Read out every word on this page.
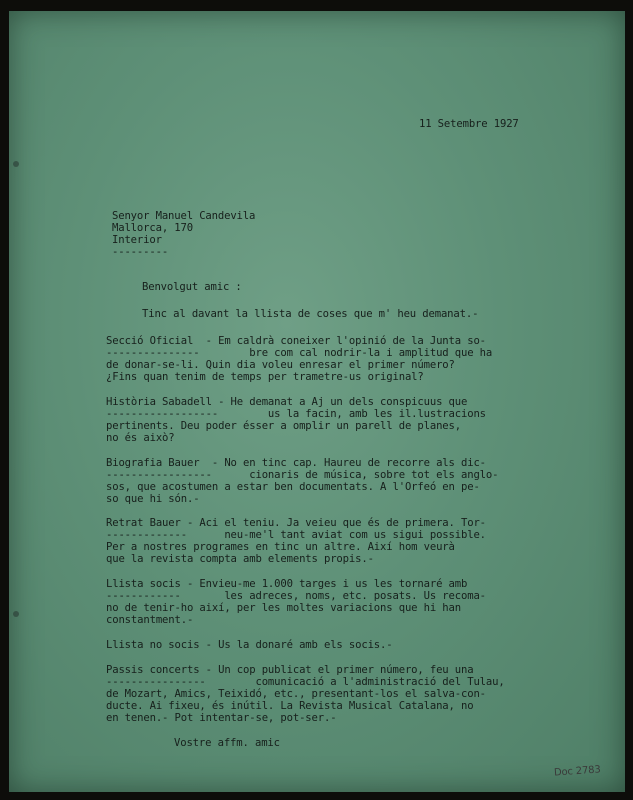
11 Setembre 1927
Senyor Manuel Candevila
Mallorca, 170
Interior
---------
Benvolgut amic :
Tinc al davant la llista de coses que m' heu demanat.-
Secció Oficial  - Em caldrà coneixer l'opinió de la Junta so-
---------------        bre com cal nodrir-la i amplitud que ha
de donar-se-li. Quin dia voleu enresar el primer número?
¿Fins quan tenim de temps per trametre-us original?
Història Sabadell - He demanat a Aj un dels conspicuus que
------------------        us la facin, amb les il.lustracions
pertinents. Deu poder ésser a omplir un parell de planes,
no és això?
Biografia Bauer  - No en tinc cap. Haureu de recorre als dic-
-----------------      cionaris de música, sobre tot els anglo-
sos, que acostumen a estar ben documentats. A l'Orfeó en pe-
so que hi són.-
Retrat Bauer - Aci el teniu. Ja veieu que és de primera. Tor-
-------------      neu-me'l tant aviat com us sigui possible.
Per a nostres programes en tinc un altre. Així hom veurà
que la revista compta amb elements propis.-
Llista socis - Envieu-me 1.000 targes i us les tornaré amb
------------       les adreces, noms, etc. posats. Us recoma-
no de tenir-ho així, per les moltes variacions que hi han
constantment.-
Llista no socis - Us la donaré amb els socis.-
Passis concerts - Un cop publicat el primer número, feu una
----------------        comunicació a l'administració del Tulau,
de Mozart, Amics, Teixidó, etc., presentant-los el salva-con-
ducte. Ai fixeu, és inútil. La Revista Musical Catalana, no
en tenen.- Pot intentar-se, pot-ser.-
Vostre affm. amic
Doc 2783
